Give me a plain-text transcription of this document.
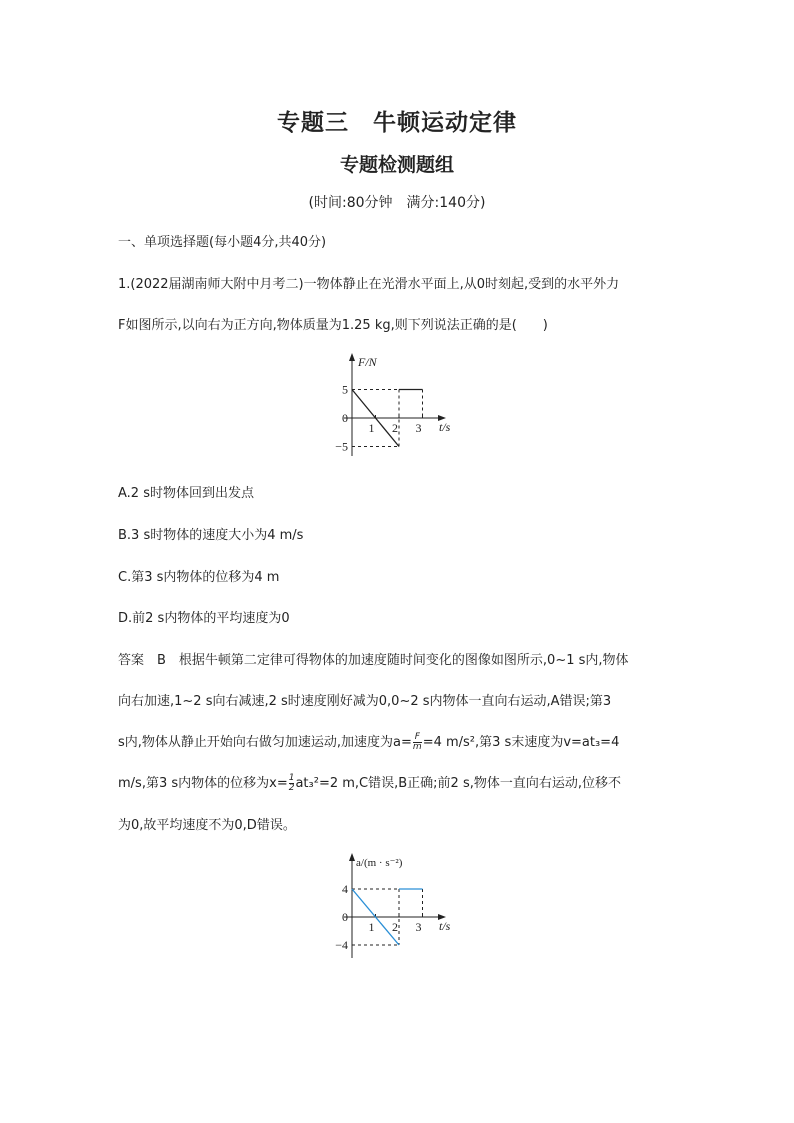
专题三 牛顿运动定律
专题检测题组
(时间:80分钟　满分:140分)
一、单项选择题(每小题4分,共40分)
1.(2022届湖南师大附中月考二)一物体静止在光滑水平面上,从0时刻起,受到的水平外力
F如图所示,以向右为正方向,物体质量为1.25 kg,则下列说法正确的是(　　)
F/N
t/s
5
0
−5
1 2 3
A.2 s时物体回到出发点
B.3 s时物体的速度大小为4 m/s
C.第3 s内物体的位移为4 m
D.前2 s内物体的平均速度为0
答案　B　根据牛顿第二定律可得物体的加速度随时间变化的图像如图所示,0~1 s内,物体
向右加速,1~2 s向右减速,2 s时速度刚好减为0,0~2 s内物体一直向右运动,A错误;第3
s内,物体从静止开始向右做匀加速运动,加速度为$a= \frac{F}{m} =4$ m/s²,第3 s末速度为v=at₃=4
m/s,第3 s内物体的位移为$x= \frac{1}{2} at_3^2=2$ m,C错误,B正确;前2 s,物体一直向右运动,位移不
为0,故平均速度不为0,D错误。
a/(m · s⁻²)
t/s
4
0
−4
1 2 3
